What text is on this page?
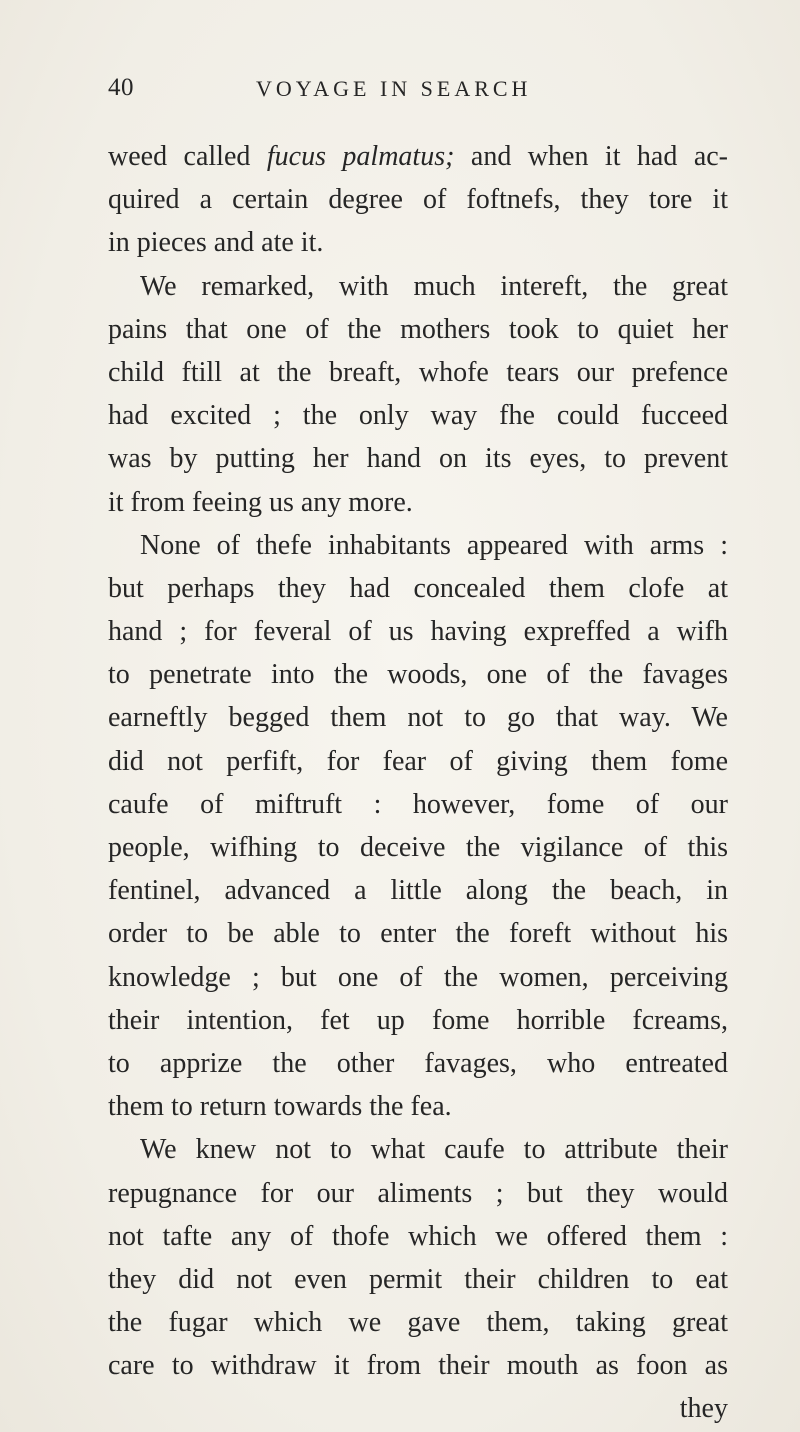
40	VOYAGE IN SEARCH
weed called fucus palmatus; and when it had ac-
quired a certain degree of foftnefs, they tore it
in pieces and ate it.
We remarked, with much intereft, the great
pains that one of the mothers took to quiet her
child ftill at the breaft, whofe tears our prefence
had excited ; the only way fhe could fucceed
was by putting her hand on its eyes, to prevent
it from feeing us any more.
None of thefe inhabitants appeared with arms :
but perhaps they had concealed them clofe at
hand ; for feveral of us having expreffed a wifh
to penetrate into the woods, one of the favages
earneftly begged them not to go that way. We
did not perfift, for fear of giving them fome
caufe of miftruft : however, fome of our
people, wifhing to deceive the vigilance of this
fentinel, advanced a little along the beach, in
order to be able to enter the foreft without his
knowledge ; but one of the women, perceiving
their intention, fet up fome horrible fcreams,
to apprize the other favages, who entreated
them to return towards the fea.
We knew not to what caufe to attribute their
repugnance for our aliments ; but they would
not tafte any of thofe which we offered them :
they did not even permit their children to eat
the fugar which we gave them, taking great
care to withdraw it from their mouth as foon as
they
